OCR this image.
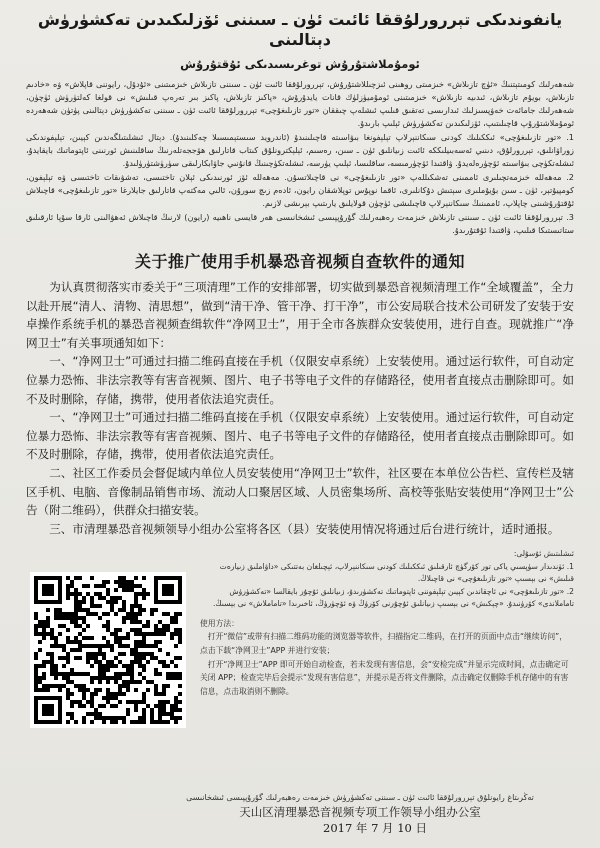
يانفوندىكى تېررورلۇققا ئائىت ئۈن ـ سىننى ئۆزلىكىدىن تەكشۈرۈش دېتالىنى
ئومۇملاشتۇرۇش توغرىسىدىكى ئۇقتۇرۇش

شەھەرلىك كومىتېتنىڭ «ئۈچ تازىلاش» خىزمىتى روھىنى ئىزچىللاشتۇرۇش، تېررورلۇققا ئائىت ئۈن ـ سىننى تازىلاش خىزمىتىنى «ئۇدۇل، رايوننى قاپلاش» ۋە «خادىم تازىلاش، بويۇم تازىلاش، ئىدىيە تازىلاش» خىزمىتىنى ئومۇميۈزلۈك قانات يايدۇرۇش، «پاكىز تازىلاش، پاكىز بىر تەرەپ قىلىش» نى قولغا كەلتۈرۈش ئۈچۈن، شەھەرلىك جامائەت خەۋپسىزلىك ئىدارىسى تەتقىق قىلىپ ئىشلەپ چىققان «تور تازىلىغۇچى» تېررورلۇققا ئائىت ئۈن ـ سىننى تەكشۈرۈش دېتالىنى پۈتۈن شەھەردە ئومۇملاشتۇرۇپ قاچىلىتىپ، ئۆزلىكىدىن تەكشۈرۈش ئېلىپ بارىدۇ.

1. «تور تازىلىغۇچى» ئىككىلىك كودنى سىكاننېرلاپ تېلېفونغا بىۋاسىتە قاچىلىنىدۇ (ئاندرويد سىستېمىسىلا چەكلىنىدۇ). دېتال ئىشلىتىلگەندىن كېيىن، تېلېفوندىكى زوراۋانلىق، تېررورلۇق، دىنىي ئەسەبىيلىككە ئائىت زىيانلىق ئۈن ـ سىن، رەسىم، ئېلېكترونلۇق كىتاب قاتارلىق ھۆججەتلەرنىڭ ساقلىنىش ئورنىنى ئاپتوماتىك بايقايدۇ، ئىشلەتكۈچى بىۋاسىتە ئۆچۈرەلەيدۇ. ۋاقتىدا ئۆچۈرمىسە، ساقلىسا، ئېلىپ يۈرسە، ئىشلەتكۈچىنىڭ قانۇنىي جاۋابكارلىقى سۈرۈشتۈرۈلىدۇ.

2. مەھەللە خىزمەتچىلىرى ئاممىنى تەشكىللەپ «تور تازىلىغۇچى» نى قاچىلاتسۇن. مەھەللە ئۆز ئورنىدىكى ئېلان تاختىسى، تەشۋىقات تاختىسى ۋە تېلېفون، كومپيۇتېر، ئۈن ـ سىن بۇيۇملىرى سېتىش دۇكانلىرى، ئاقما نوپۇس توپلاشقان رايون، ئادەم زىچ سورۇن، ئالىي مەكتەپ قاتارلىق جايلارغا «تور تازىلىغۇچى» قاچىلاش ئۇقتۇرۇشىنى چاپلاپ، ئاممىنىڭ سىكاننېرلاپ قاچىلىشى ئۈچۈن قولايلىق يارىتىپ بېرىشى لازىم.

3. تېررورلۇققا ئائىت ئۈن ـ سىننى تازىلاش خىزمەت رەھبەرلىك گۇرۇپپىسى ئىشخانىسى ھەر قايسى ناھىيە (رايون) لارنىڭ قاچىلاش ئەھۋالىنى ئارقا سۇپا ئارقىلىق ستاتىستىكا قىلىپ، ۋاقتىدا ئۇقتۇرىدۇ.

关于推广使用手机暴恐音视频自查软件的通知

为认真贯彻落实市委关于“三项清理”工作的安排部署，切实做到暴恐音视频清理工作“全域覆盖”，全力以赴开展“清人、清物、清思想”，做到“清干净、管干净、打干净”，市公安局联合技术公司研发了安装于安卓操作系统手机的暴恐音视频查缉软件“净网卫士”，用于全市各族群众安装使用，进行自查。现就推广“净网卫士”有关事项通知如下：

一、“净网卫士”可通过扫描二维码直接在手机（仅限安卓系统）上安装使用。通过运行软件，可自动定位暴力恐怖、非法宗教等有害音视频、图片、电子书等电子文件的存储路径，使用者直接点击删除即可。如不及时删除，存储，携带，使用者依法追究责任。

一、“净网卫士”可通过扫描二维码直接在手机（仅限安卓系统）上安装使用。通过运行软件，可自动定位暴力恐怖、非法宗教等有害音视频、图片、电子书等电子文件的存储路径，使用者直接点击删除即可。如不及时删除，存储，携带，使用者依法追究责任。

二、社区工作委员会督促域内单位人员安装使用“净网卫士”软件，社区要在本单位公告栏、宣传栏及辖区手机、电脑、音像制品销售市场、流动人口聚居区域、人员密集场所、高校等张贴安装使用“净网卫士”公告（附二维码），供群众扫描安装。

三、市清理暴恐音视频领导小组办公室将各区（县）安装使用情况将通过后台进行统计，适时通报。

ئىشلىتىش ئۇسۇلى:

1. ئۈندىدار سۈپسىي ياكى تور كۆرگۈچ ئارقىلىق ئىككىلىك كودنى سىكاننېرلاپ، ئېچىلغان بەتتىكى «داۋاملىق زىيارەت قىلىش» نى بېسىپ «تور تازىلىغۇچى» نى قاچىلاڭ.

2. «تور تازىلىغۇچى» نى ئاچقاندىن كېيىن تېلېفوننى ئاپتوماتىك تەكشۈرىدۇ، زىيانلىق ئۇچۇر بايقالسا «تەكشۈرۈش تاماملاندى» كۆرۈنىدۇ. «چېكىش» نى بېسىپ زىيانلىق ئۇچۇرنى كۆرۈڭ ۋە ئۆچۈرۈڭ، ئاخىرىدا «تاماملاش» نى بېسىڭ.

使用方法：

打开“微信”或带有扫描二维码功能的浏览器等软件，扫描指定二维码，在打开的页面中点击“继续访问”，点击下载“净网卫士”APP 并进行安装；

打开“净网卫士”APP 即可开始自动检查，若未发现有害信息，会“安检完成”并显示完成时间，点击确定可关闭 APP；检查完毕后会提示“发现有害信息”，并提示是否将文件删除，点击确定仅删除手机存储中的有害信息，点击取消则不删除。

تەڭرىتاغ رايونلۇق تېررورلۇققا ئائىت ئۈن ـ سىننى تەكشۈرۈش خىزمەت رەھبەرلىك گۇرۇپپىسى ئىشخانىسى
天山区清理暴恐音视频专项工作领导小组办公室
2017 年 7 月 10 日
